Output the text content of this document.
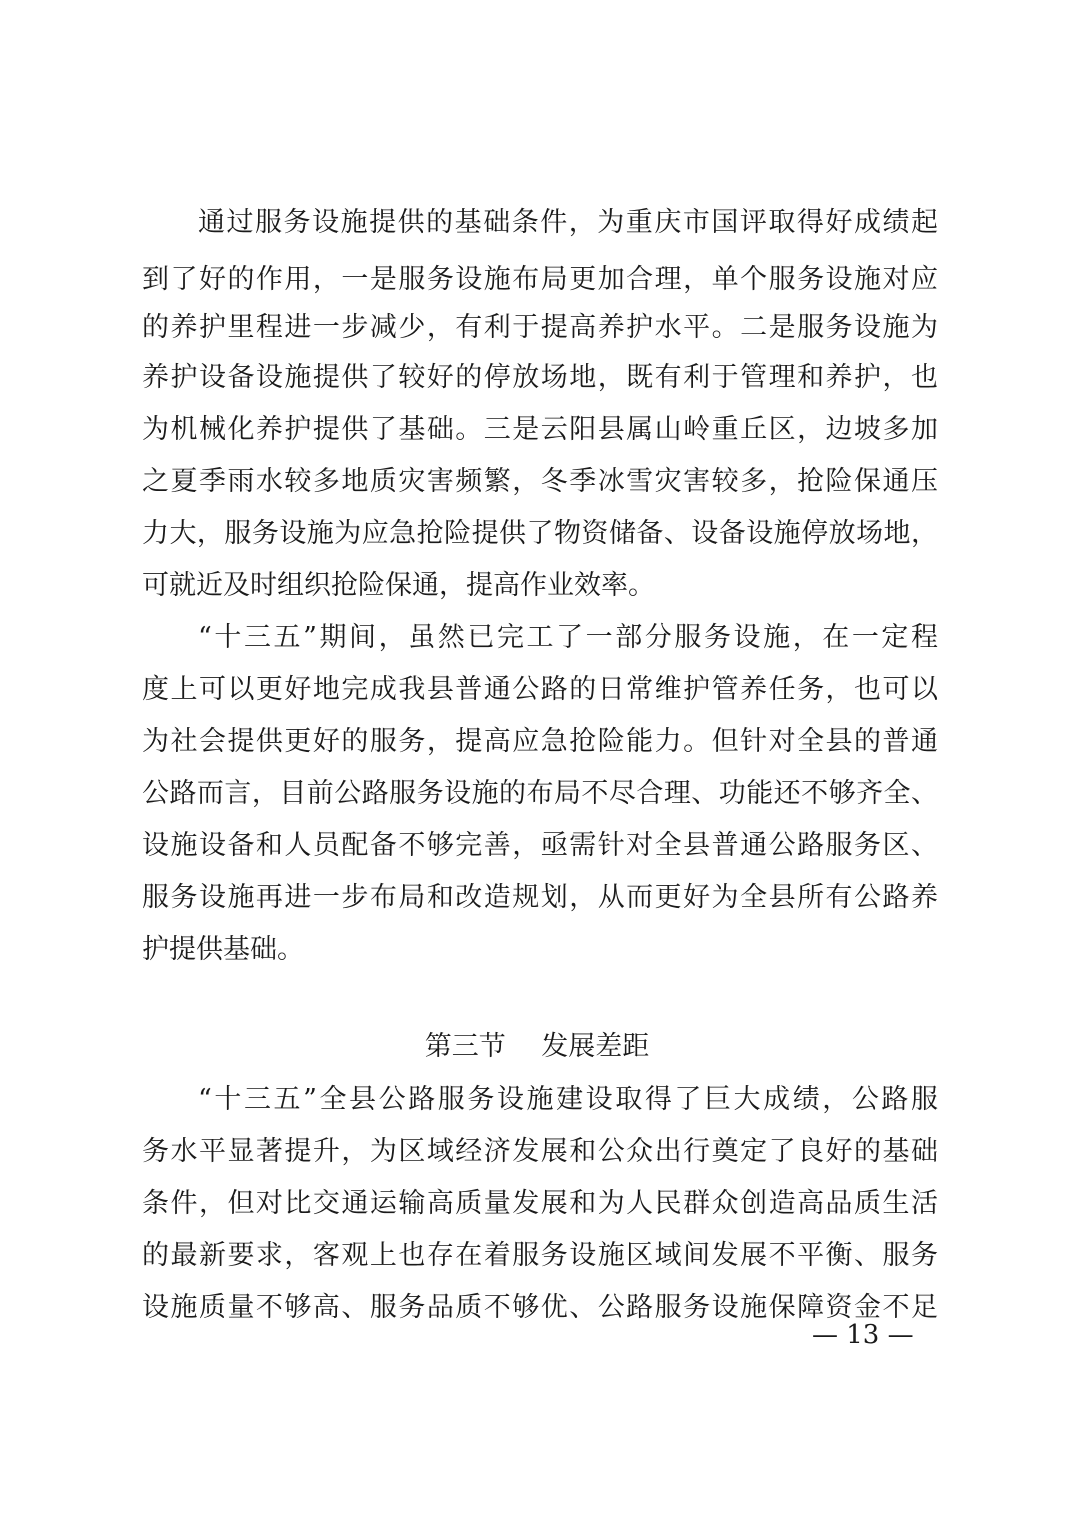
通过服务设施提供的基础条件，为重庆市国评取得好成绩起
到了好的作用，一是服务设施布局更加合理，单个服务设施对应
的养护里程进一步减少，有利于提高养护水平。二是服务设施为
养护设备设施提供了较好的停放场地，既有利于管理和养护，也
为机械化养护提供了基础。三是云阳县属山岭重丘区，边坡多加
之夏季雨水较多地质灾害频繁，冬季冰雪灾害较多，抢险保通压
力大，服务设施为应急抢险提供了物资储备、设备设施停放场地，
可就近及时组织抢险保通，提高作业效率。
“十三五”期间，虽然已完工了一部分服务设施，在一定程
度上可以更好地完成我县普通公路的日常维护管养任务，也可以
为社会提供更好的服务，提高应急抢险能力。但针对全县的普通
公路而言，目前公路服务设施的布局不尽合理、功能还不够齐全、
设施设备和人员配备不够完善，亟需针对全县普通公路服务区、
服务设施再进一步布局和改造规划，从而更好为全县所有公路养
护提供基础。
第三节　 发展差距
“十三五”全县公路服务设施建设取得了巨大成绩，公路服
务水平显著提升，为区域经济发展和公众出行奠定了良好的基础
条件，但对比交通运输高质量发展和为人民群众创造高品质生活
的最新要求，客观上也存在着服务设施区域间发展不平衡、服务
设施质量不够高、服务品质不够优、公路服务设施保障资金不足
— 13 —
